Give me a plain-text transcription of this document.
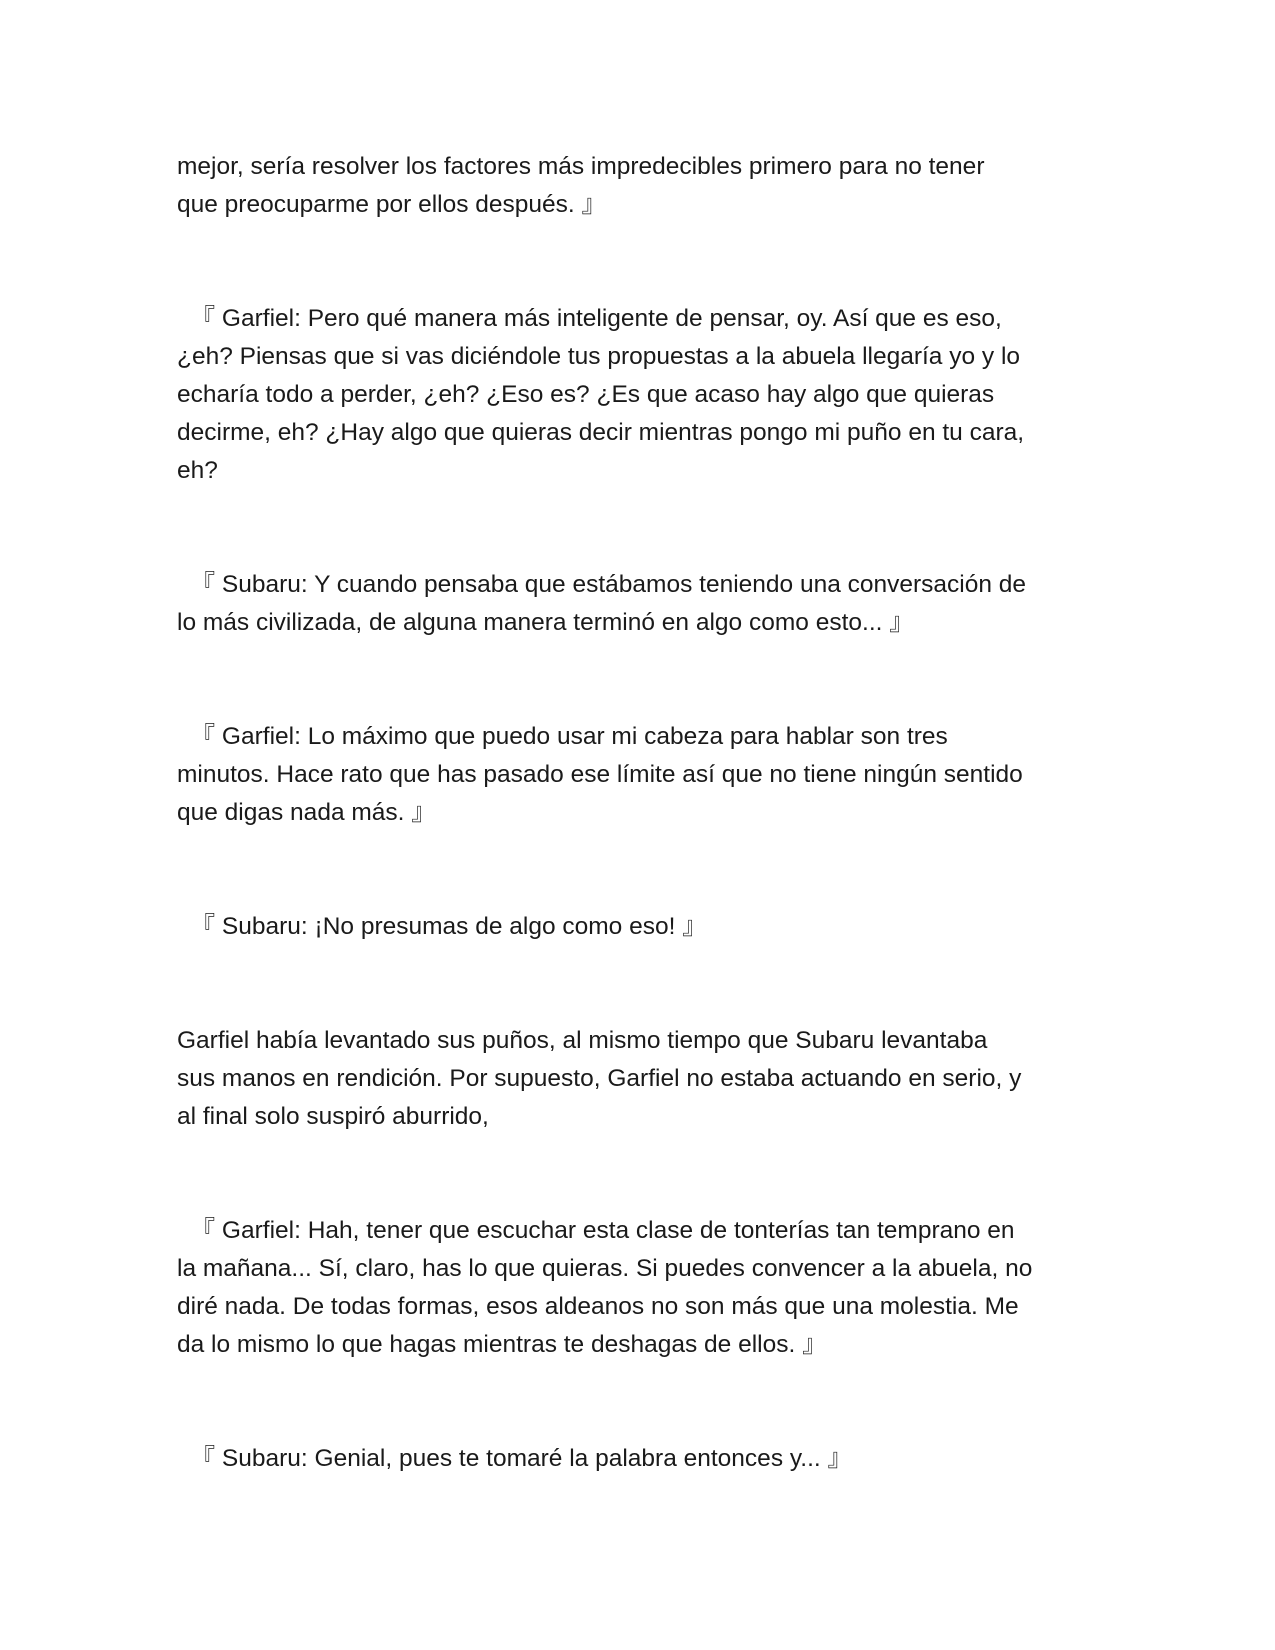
mejor, sería resolver los factores más impredecibles primero para no tener
que preocuparme por ellos después. 』

『 Garfiel: Pero qué manera más inteligente de pensar, oy. Así que es eso,
¿eh? Piensas que si vas diciéndole tus propuestas a la abuela llegaría yo y lo
echaría todo a perder, ¿eh? ¿Eso es? ¿Es que acaso hay algo que quieras
decirme, eh? ¿Hay algo que quieras decir mientras pongo mi puño en tu cara,
eh?

『 Subaru: Y cuando pensaba que estábamos teniendo una conversación de
lo más civilizada, de alguna manera terminó en algo como esto... 』

『 Garfiel: Lo máximo que puedo usar mi cabeza para hablar son tres
minutos. Hace rato que has pasado ese límite así que no tiene ningún sentido
que digas nada más. 』

『 Subaru: ¡No presumas de algo como eso! 』

Garfiel había levantado sus puños, al mismo tiempo que Subaru levantaba
sus manos en rendición. Por supuesto, Garfiel no estaba actuando en serio, y
al final solo suspiró aburrido,

『 Garfiel: Hah, tener que escuchar esta clase de tonterías tan temprano en
la mañana... Sí, claro, has lo que quieras. Si puedes convencer a la abuela, no
diré nada. De todas formas, esos aldeanos no son más que una molestia. Me
da lo mismo lo que hagas mientras te deshagas de ellos. 』

『 Subaru: Genial, pues te tomaré la palabra entonces y... 』
